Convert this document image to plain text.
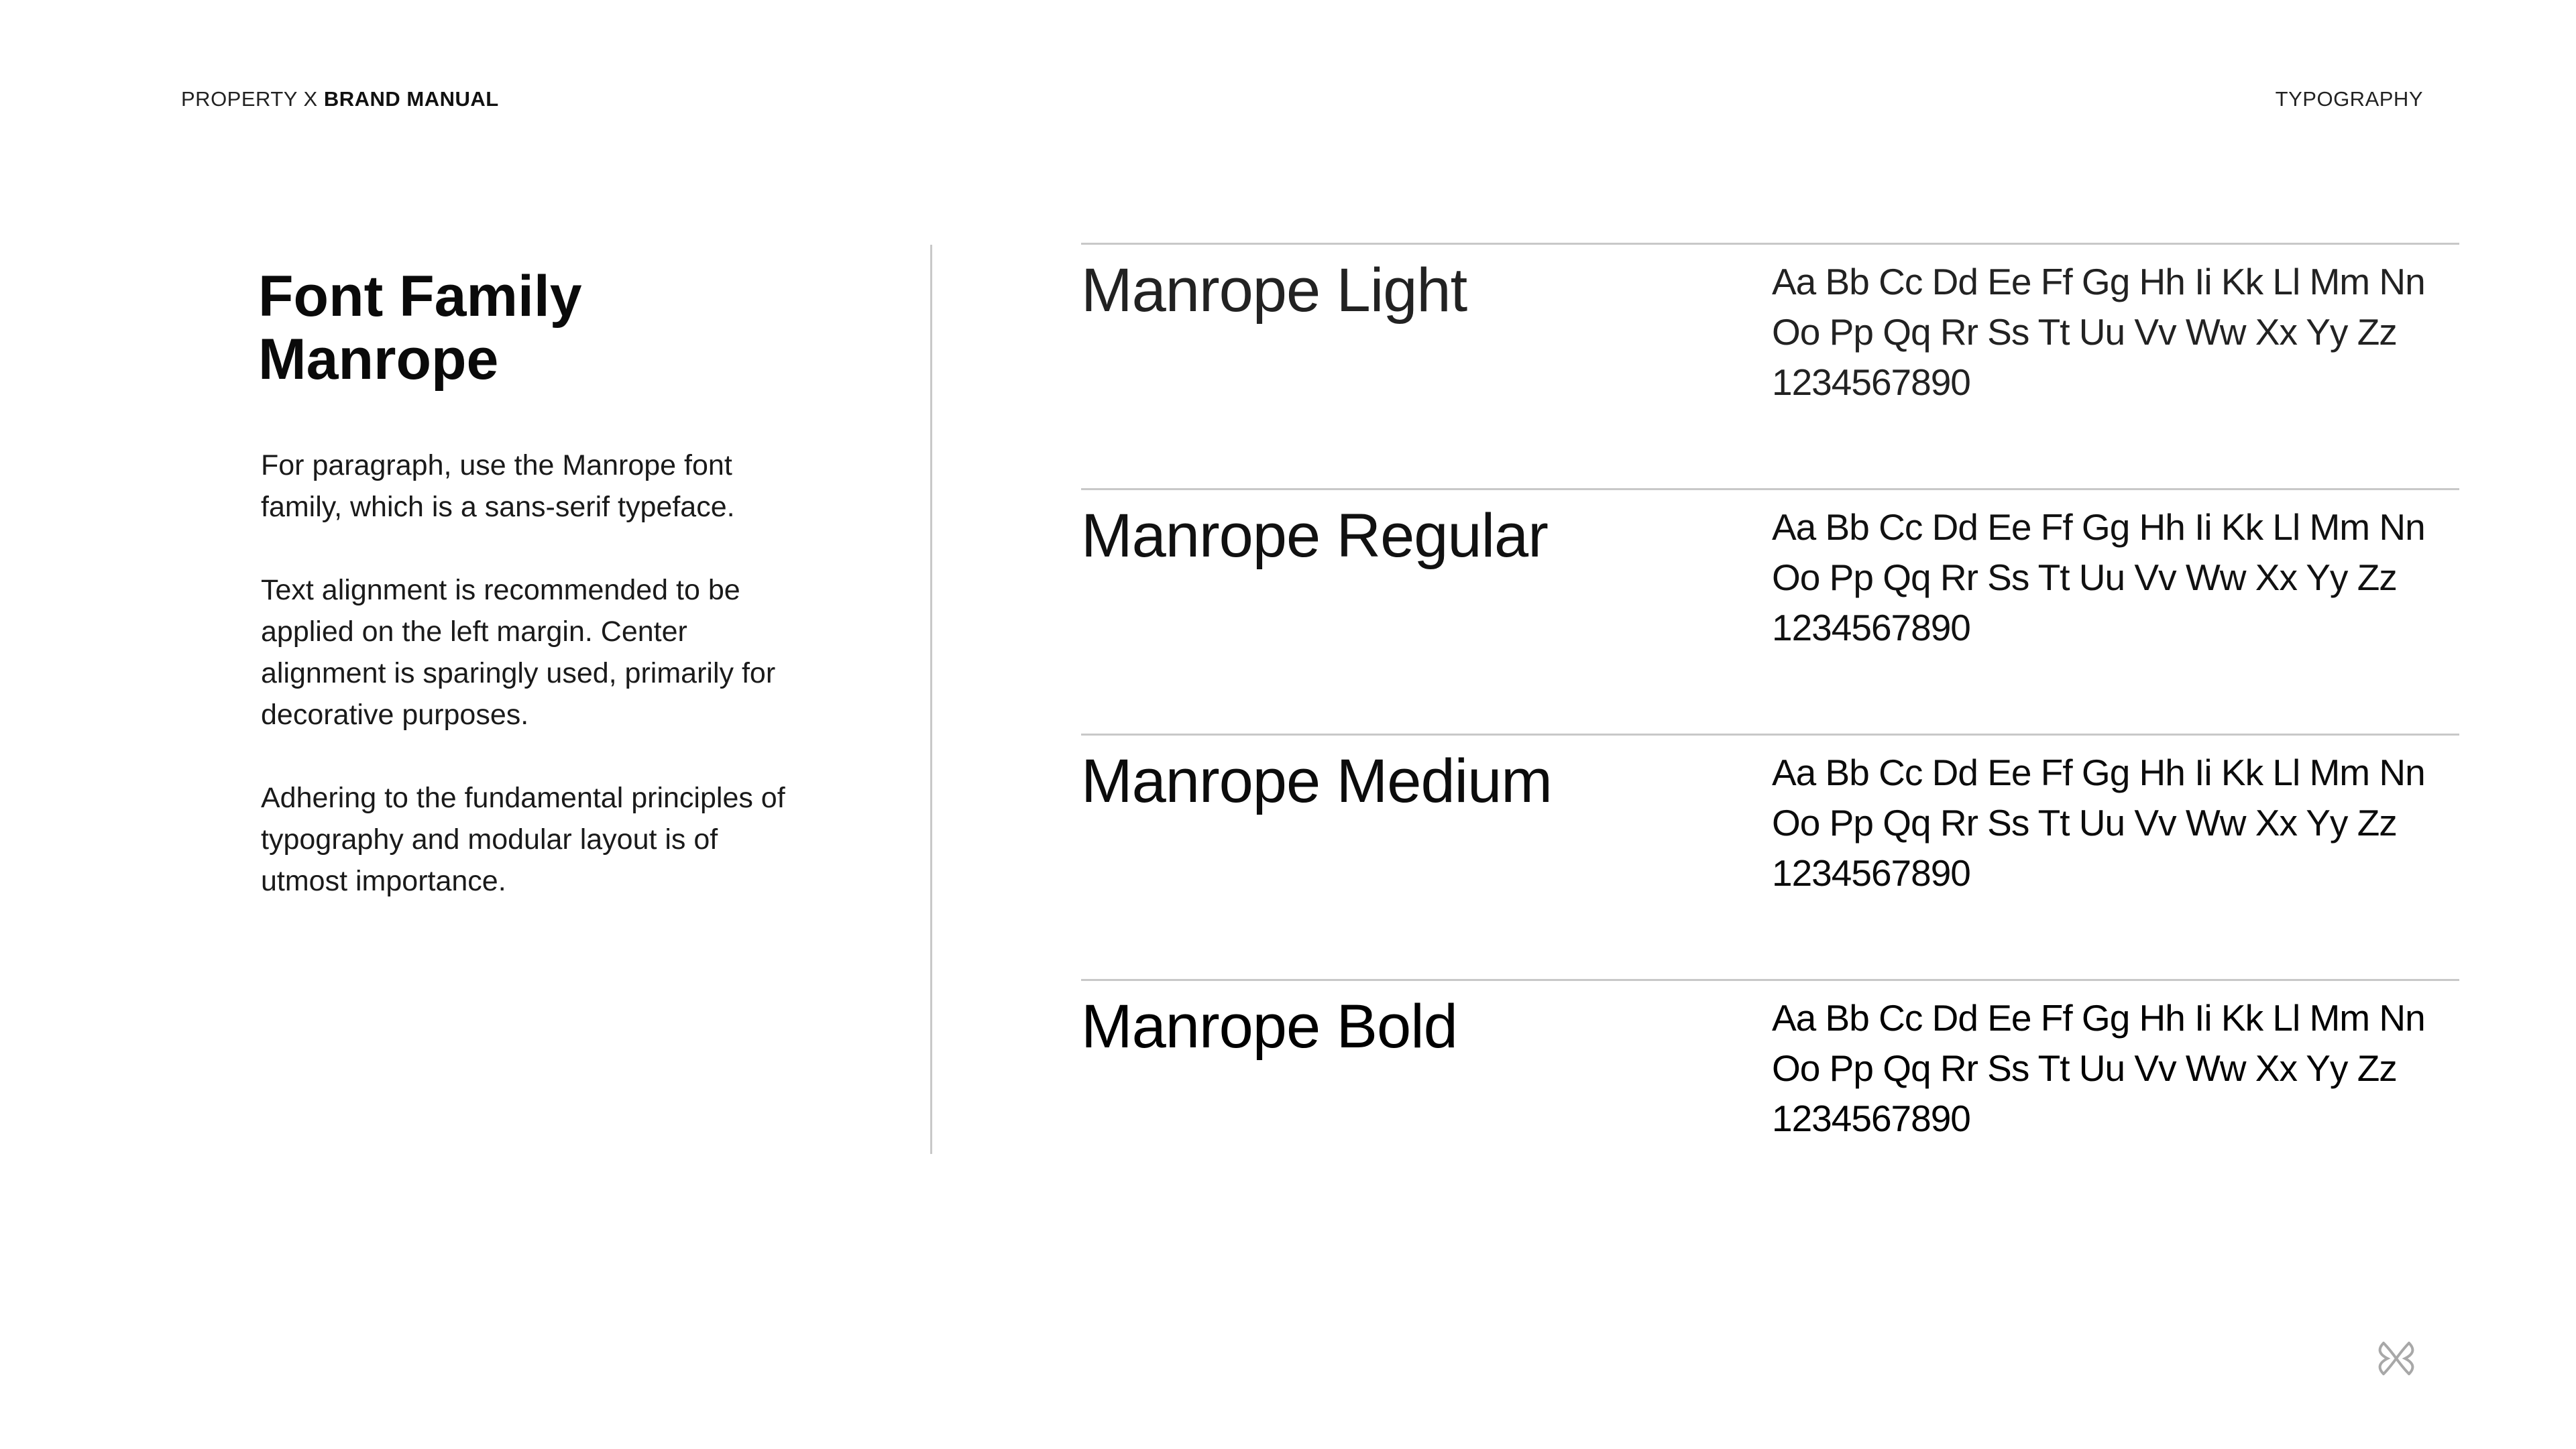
PROPERTY X BRAND MANUAL	TYPOGRAPHY
Font Family
Manrope

For paragraph, use the Manrope font family, which is a sans-serif typeface.

Text alignment is recommended to be applied on the left margin. Center alignment is sparingly used, primarily for decorative purposes.

Adhering to the fundamental principles of typography and modular layout is of utmost importance.

Manrope Light	Aa Bb Cc Dd Ee Ff Gg Hh Ii Kk Ll Mm Nn Oo Pp Qq Rr Ss Tt Uu Vv Ww Xx Yy Zz 1234567890
Manrope Regular	Aa Bb Cc Dd Ee Ff Gg Hh Ii Kk Ll Mm Nn Oo Pp Qq Rr Ss Tt Uu Vv Ww Xx Yy Zz 1234567890
Manrope Medium	Aa Bb Cc Dd Ee Ff Gg Hh Ii Kk Ll Mm Nn Oo Pp Qq Rr Ss Tt Uu Vv Ww Xx Yy Zz 1234567890
Manrope Bold	Aa Bb Cc Dd Ee Ff Gg Hh Ii Kk Ll Mm Nn Oo Pp Qq Rr Ss Tt Uu Vv Ww Xx Yy Zz 1234567890
